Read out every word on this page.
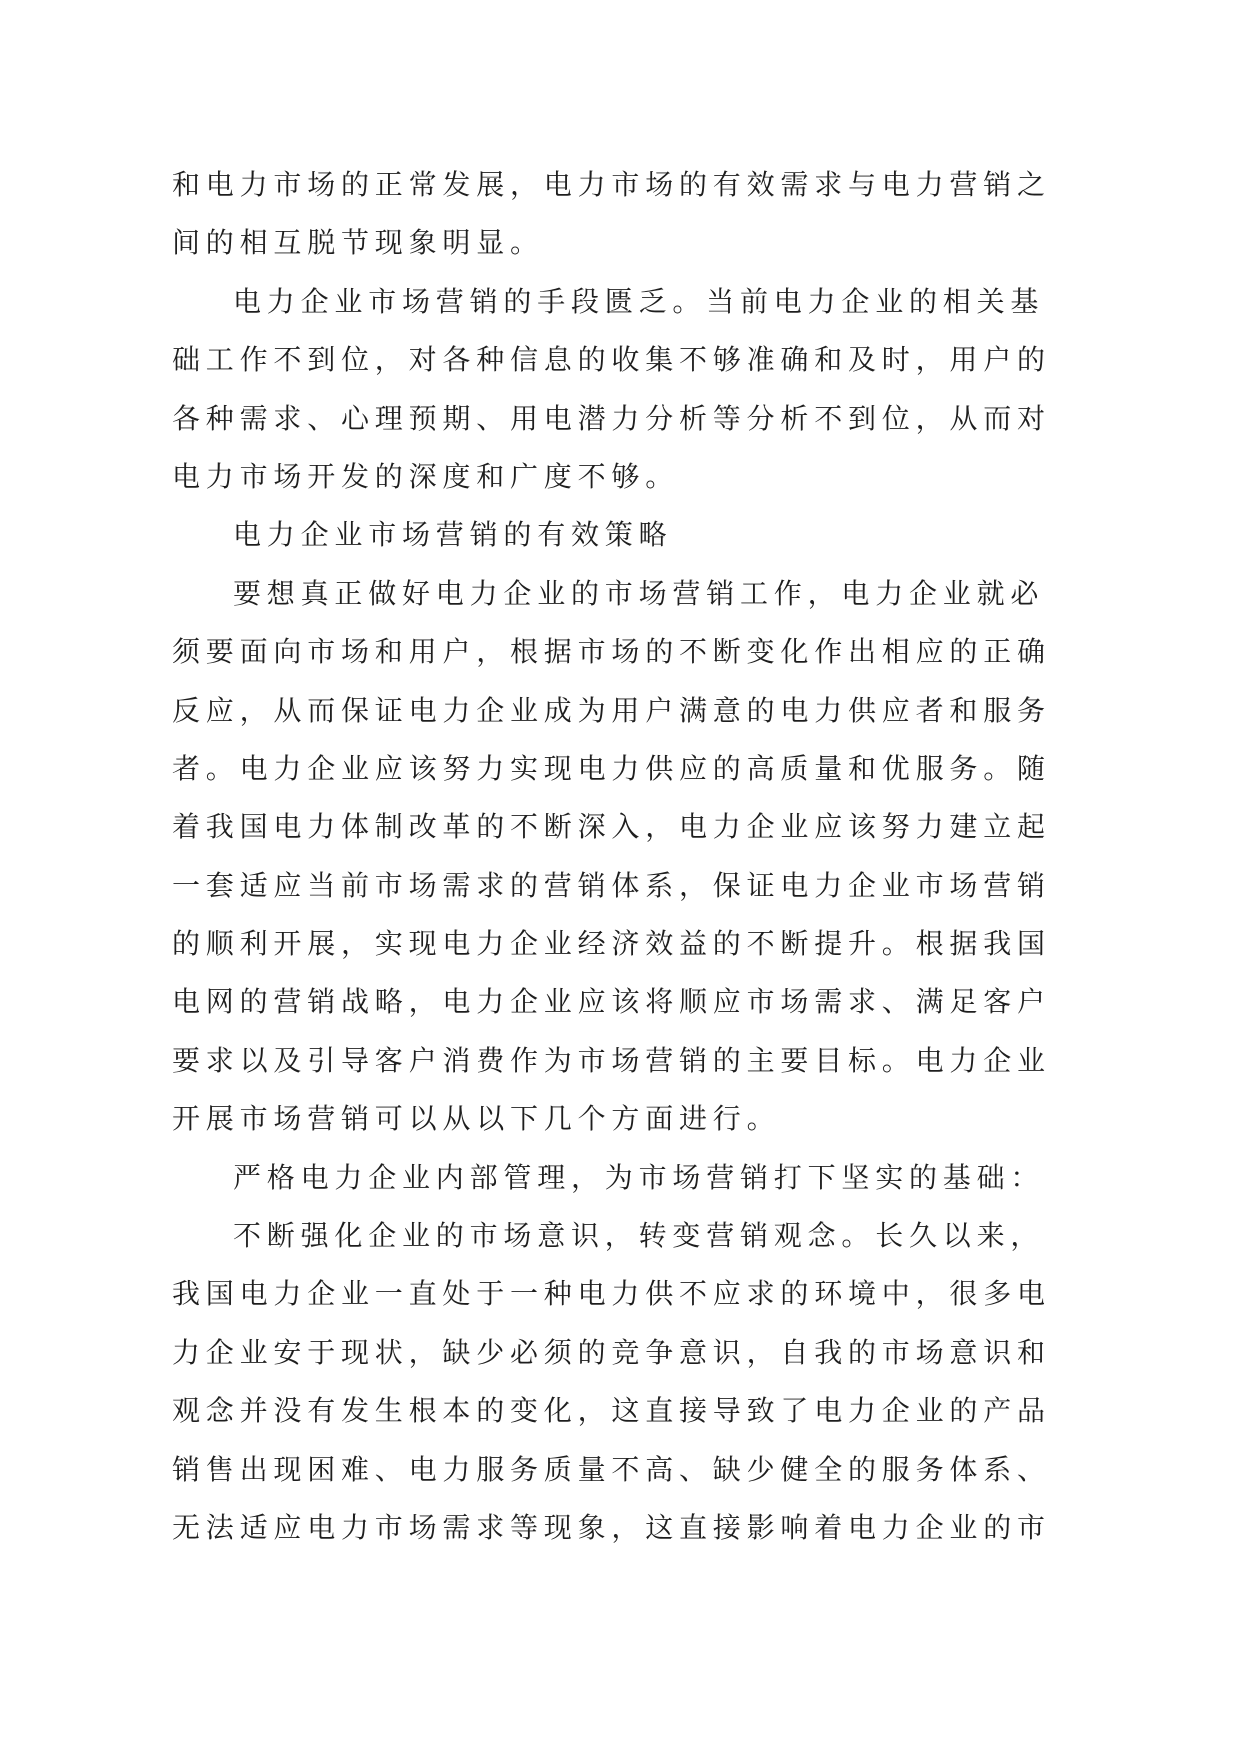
和电力市场的正常发展，电力市场的有效需求与电力营销之
间的相互脱节现象明显。
电力企业市场营销的手段匮乏。当前电力企业的相关基
础工作不到位，对各种信息的收集不够准确和及时，用户的
各种需求、心理预期、用电潜力分析等分析不到位，从而对
电力市场开发的深度和广度不够。
电力企业市场营销的有效策略
要想真正做好电力企业的市场营销工作，电力企业就必
须要面向市场和用户，根据市场的不断变化作出相应的正确
反应，从而保证电力企业成为用户满意的电力供应者和服务
者。电力企业应该努力实现电力供应的高质量和优服务。随
着我国电力体制改革的不断深入，电力企业应该努力建立起
一套适应当前市场需求的营销体系，保证电力企业市场营销
的顺利开展，实现电力企业经济效益的不断提升。根据我国
电网的营销战略，电力企业应该将顺应市场需求、满足客户
要求以及引导客户消费作为市场营销的主要目标。电力企业
开展市场营销可以从以下几个方面进行。
严格电力企业内部管理，为市场营销打下坚实的基础：
不断强化企业的市场意识，转变营销观念。长久以来，
我国电力企业一直处于一种电力供不应求的环境中，很多电
力企业安于现状，缺少必须的竞争意识，自我的市场意识和
观念并没有发生根本的变化，这直接导致了电力企业的产品
销售出现困难、电力服务质量不高、缺少健全的服务体系、
无法适应电力市场需求等现象，这直接影响着电力企业的市
